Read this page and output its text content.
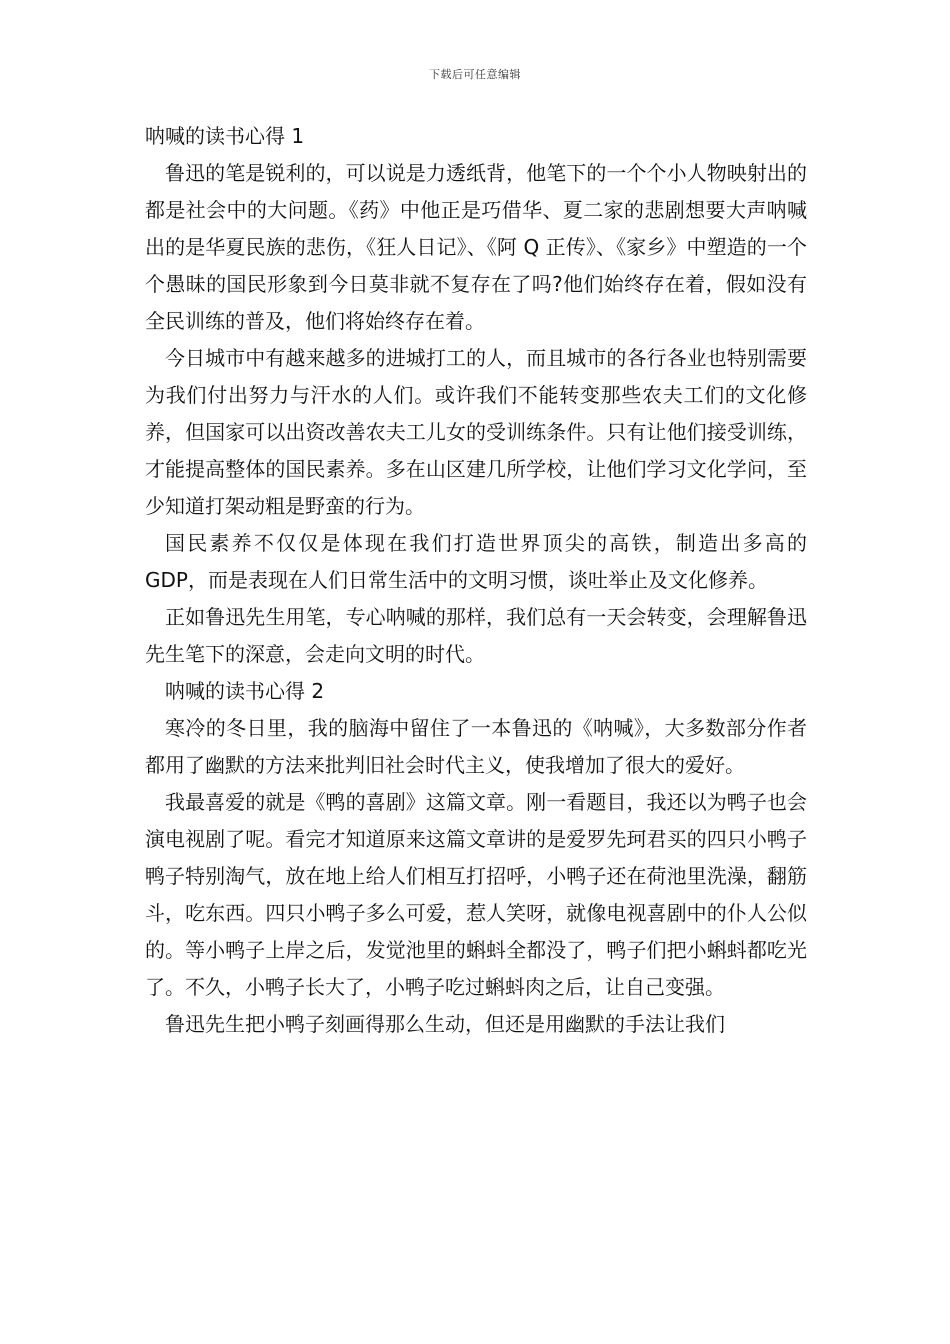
下载后可任意编辑
呐喊的读书心得 1

鲁迅的笔是锐利的，可以说是力透纸背，他笔下的一个个小人物映射出的都是社会中的大问题。《药》中他正是巧借华、夏二家的悲剧想要大声呐喊出的是华夏民族的悲伤，《狂人日记》、《阿 Q 正传》、《家乡》中塑造的一个个愚昧的国民形象到今日莫非就不复存在了吗?他们始终存在着，假如没有全民训练的普及，他们将始终存在着。

今日城市中有越来越多的进城打工的人，而且城市的各行各业也特别需要为我们付出努力与汗水的人们。或许我们不能转变那些农夫工们的文化修养，但国家可以出资改善农夫工儿女的受训练条件。只有让他们接受训练，才能提高整体的国民素养。多在山区建几所学校，让他们学习文化学问，至少知道打架动粗是野蛮的行为。

国民素养不仅仅是体现在我们打造世界顶尖的高铁，制造出多高的 GDP，而是表现在人们日常生活中的文明习惯，谈吐举止及文化修养。

正如鲁迅先生用笔，专心呐喊的那样，我们总有一天会转变，会理解鲁迅先生笔下的深意，会走向文明的时代。

呐喊的读书心得 2

寒冷的冬日里，我的脑海中留住了一本鲁迅的《呐喊》，大多数部分作者都用了幽默的方法来批判旧社会时代主义，使我增加了很大的爱好。

我最喜爱的就是《鸭的喜剧》这篇文章。刚一看题目，我还以为鸭子也会演电视剧了呢。看完才知道原来这篇文章讲的是爱罗先珂君买的四只小鸭子鸭子特别淘气，放在地上给人们相互打招呼，小鸭子还在荷池里洗澡，翻筋斗，吃东西。四只小鸭子多么可爱，惹人笑呀，就像电视喜剧中的仆人公似的。等小鸭子上岸之后，发觉池里的蝌蚪全都没了，鸭子们把小蝌蚪都吃光了。不久，小鸭子长大了，小鸭子吃过蝌蚪肉之后，让自己变强。

鲁迅先生把小鸭子刻画得那么生动，但还是用幽默的手法让我们
